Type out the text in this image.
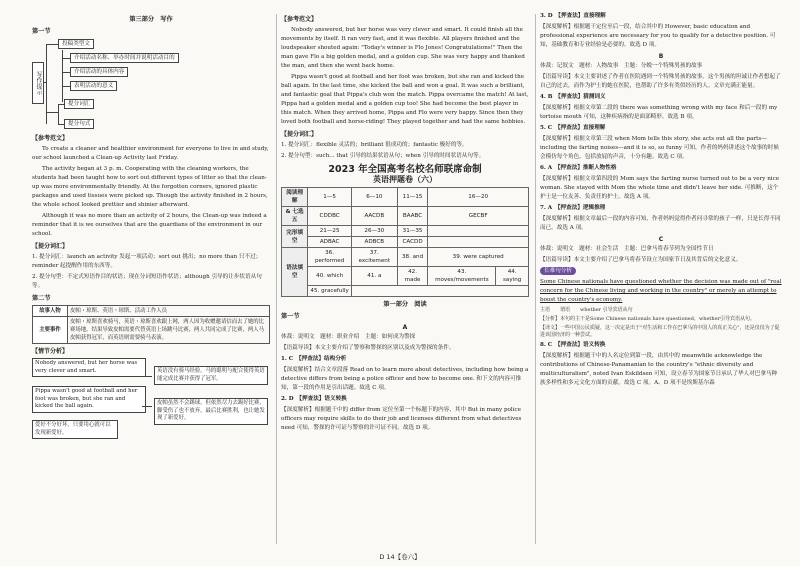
第三部分　写作
第一节
写作提示
投稿类型文
介绍活动名称、举办时间并说明活动目的
介绍活动的具体内容
表明活动的意义
提分词汇
提分句式
【参考范文】

To create a cleaner and healthier environment for everyone to live in and study, our school launched a Clean-up Activity last Friday.

The activity began at 3 p. m. Cooperating with the cleaning workers, the students had been taught how to sort out different types of litter so that the clean-up was more environmentally friendly. At the forgotten corners, ignored plastic packages and used tissues were picked up. Though the activity finished in 2 hours, the whole school looked prettier and shinier afterward.

Although it was no more than an activity of 2 hours, the Clean-up was indeed a reminder that it is we ourselves that are the guardians of the environment in our school.

【提分词汇】

1. 提分词汇：launch an activity 发起一项活动；sort out 挑出；no more than 只不过；reminder 起提醒作用的东西等。

2. 提分句型：不定式短语作目的状语；现在分词短语作状语；although 引导的让步状语从句等。

第二节
故事人物	皮帕・琼斯、英语・琼斯、活动工作人员
主要事件	皮帕・琼斯喜欢骑马，英语・琼斯喜欢跟上网，两人因为收赠邀请信而去了她的比赛场地。结果导致皮帕需要代替英语上场跳马比赛，两人共同完成了比赛，两人马皮帕获得冠军，而英语则需要骑马表演。
【情节分析】
Nobody answered, but her horse was very clever and smart.
Pippa wasn't good at football and her foot was broken, but she ran and kicked the ball again.
爱好不分好坏，只要用心就可以发现新爱好。
英语没有骑马经验，马的聪明与配合使得英语能完成比赛并获得了冠军。
皮帕虽然不会踢球，但依然尽力去踢好比赛，脚受伤了也不放弃，最后比赛胜利，也让她发现了新爱好。
【参考范文】

Nobody answered, but her horse was very clever and smart. It could finish all the movements by itself. It ran very fast, and it was flexible. All players finished and the loudspeaker shouted again: "Today's winner is Flo Jones! Congratulations!" Then the man gave Flo a big golden medal, and a golden cup. She was very happy and thanked the man, and then she went back home.

Pippa wasn't good at football and her foot was broken, but she ran and kicked the ball again. In the last time, she kicked the ball and won a goal. It was such a brilliant, and fantastic goal that Pippa's club won the match. Pippa overcame the match! At last, Pippa had a golden medal and a golden cup too! She had become the best player in this match. When they arrived home, Pippa and Flo were very happy. Since then they loved both football and horse-riding! They played together and had the same hobbies.

【提分词汇】

1. 提分词汇：flexible 灵活的；brilliant 很成功的；fantastic 极好的等。

2. 提分句型：such... that 引导的结果状语从句；when 引导的时间状语从句等。

2023 年全国高考名校名师联席命制
英语押题卷（六）
阅读理解	1—5	6—10	11—15	16—20	
& 七选五	CDDBC	AACDB	BAABC	GECBF	
完形填空	21—25	26—30	31—35		
	ADBAC	ADBCB	CACDD		
语法填空	36. performed	37. excitement	38. and	39. were captured	
	40. which	41. a	42. made	43. moves/movements	44. saying
	45. gracefully				
第一部分　阅读
第一节
A

体裁：说明文　题材：职业介绍　主题：如何成为警探

【语篇导读】本文主要介绍了警察和警探的区别以及成为警探的条件。

1. C　【押查法】结构分析

【深度解析】结合文章段落 Read on to learn more about detectives, including how being a detective differs from being a police officer and how to become one. 和下文的内容可推知，第一段的作用是引出话题。故选 C 项。

2. D　【押查法】语义转换

【深度解析】根据题干中的 differ from 定位至第一个标题下的内容，其中 But in many police officers may require skills to do their job and licenses different from what detectives need 可知，警探的许可证与警察的许可证不同。故选 D 项。

3. D　【押查法】直接理解

【深度解析】根据题干定位至后一段，结合其中的 However, basic education and professional experience are necessary for you to qualify for a detective position. 可知，基础教育和专业经验是必要的。故选 D 项。

B

体裁：记叙文　题材：人物故事　主题：分娩一个特殊男孩的故事

【语篇导读】本文主要讲述了作者在医院遇到一个特殊男孩的故事。这个男孩的坦诚让作者想起了自己的过去，而作为护士的她在医院，也帮助了许多有类似经历的人。文章充满正能量。

4. B　【押查法】猜测词义

【深度解析】根据文章第二段的 there was something wrong with my face 和后一段的 my tortoise mouth 可知，这种疾病指的是面部畸形。故选 B 项。

5. C　【押查法】直接理解

【深度解析】根据文章第三段 when Mom tells this story, she acts out all the parts—including the farting noises—and it is so, so funny 可知，作者的妈妈讲述这个故事的时候会模仿每个角色，包括放屁的声音，十分有趣。故选 C 项。

6. A　【押查法】推断人物性格

【深度解析】根据文章第四段的 Mom says the farting nurse turned out to be a very nice woman. She stayed with Mom the whole time and didn't leave her side. 可推断，这个护士是一位友善、负责任的护士。故选 A 项。

7. A　【押查法】逻辑推理

【深度解析】根据文章最后一段的内容可知，作者妈妈觉得作者问寻常的孩子一样，只是长得不同而已。故选 A 项。

C

体裁：说明文　题材：社会生活　主题：巴拿马将春节列为全国性节日

【语篇导读】本文主要介绍了巴拿马将春节设立为国家节日及其背后的文化意义。

长难句分析

Some Chinese nationals have questioned whether the decision was made out of "real concern for the Chinese living and working in the country" or merely an attempt to boost the country's economy.

主语　　谓语　　whether 引导宾语从句

【分析】本句的主干是Some Chinese nationals have questioned，whether引导宾语从句。

【译文】一些中国公民质疑，这一决定是出于"对生活和工作在巴拿马的中国人的真正关心"，还是仅仅为了促进该国经济的一种尝试。

8. C　【押查法】语义转换

【深度解析】根据题干中的人名定位到第一段，由其中的 meanwhile acknowledge the contributions of Chinese-Panamanian to the country's "ethnic diversity and multiculturalism", noted Ivan Eskildsen 可知，设立春节为国家节日承认了华人对巴拿马种族多样性和多元文化方面的贡献。故选 C 项。A、D 项不是埃斯基尔森

D 14【卷六】
